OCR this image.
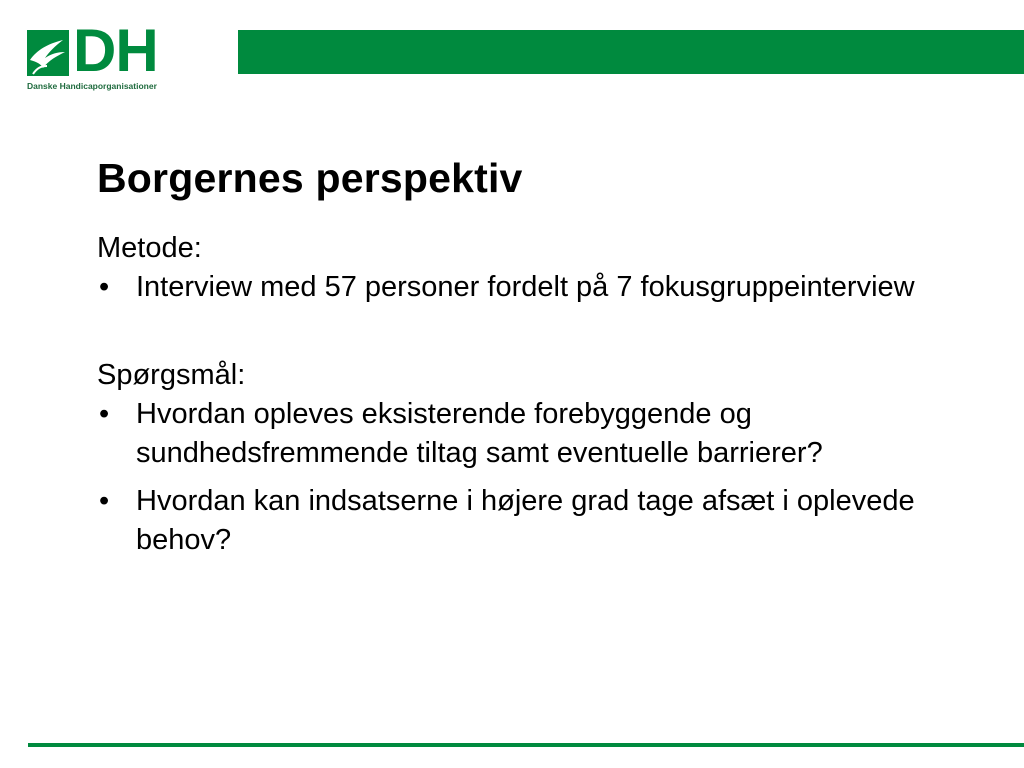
DH
Danske Handicaporganisationer
Borgernes perspektiv

Metode:

• Interview med 57 personer fordelt på 7 fokusgruppeinterview

Spørgsmål:

• Hvordan opleves eksisterende forebyggende og sundhedsfremmende tiltag samt eventuelle barrierer?
• Hvordan kan indsatserne i højere grad tage afsæt i oplevede behov?
